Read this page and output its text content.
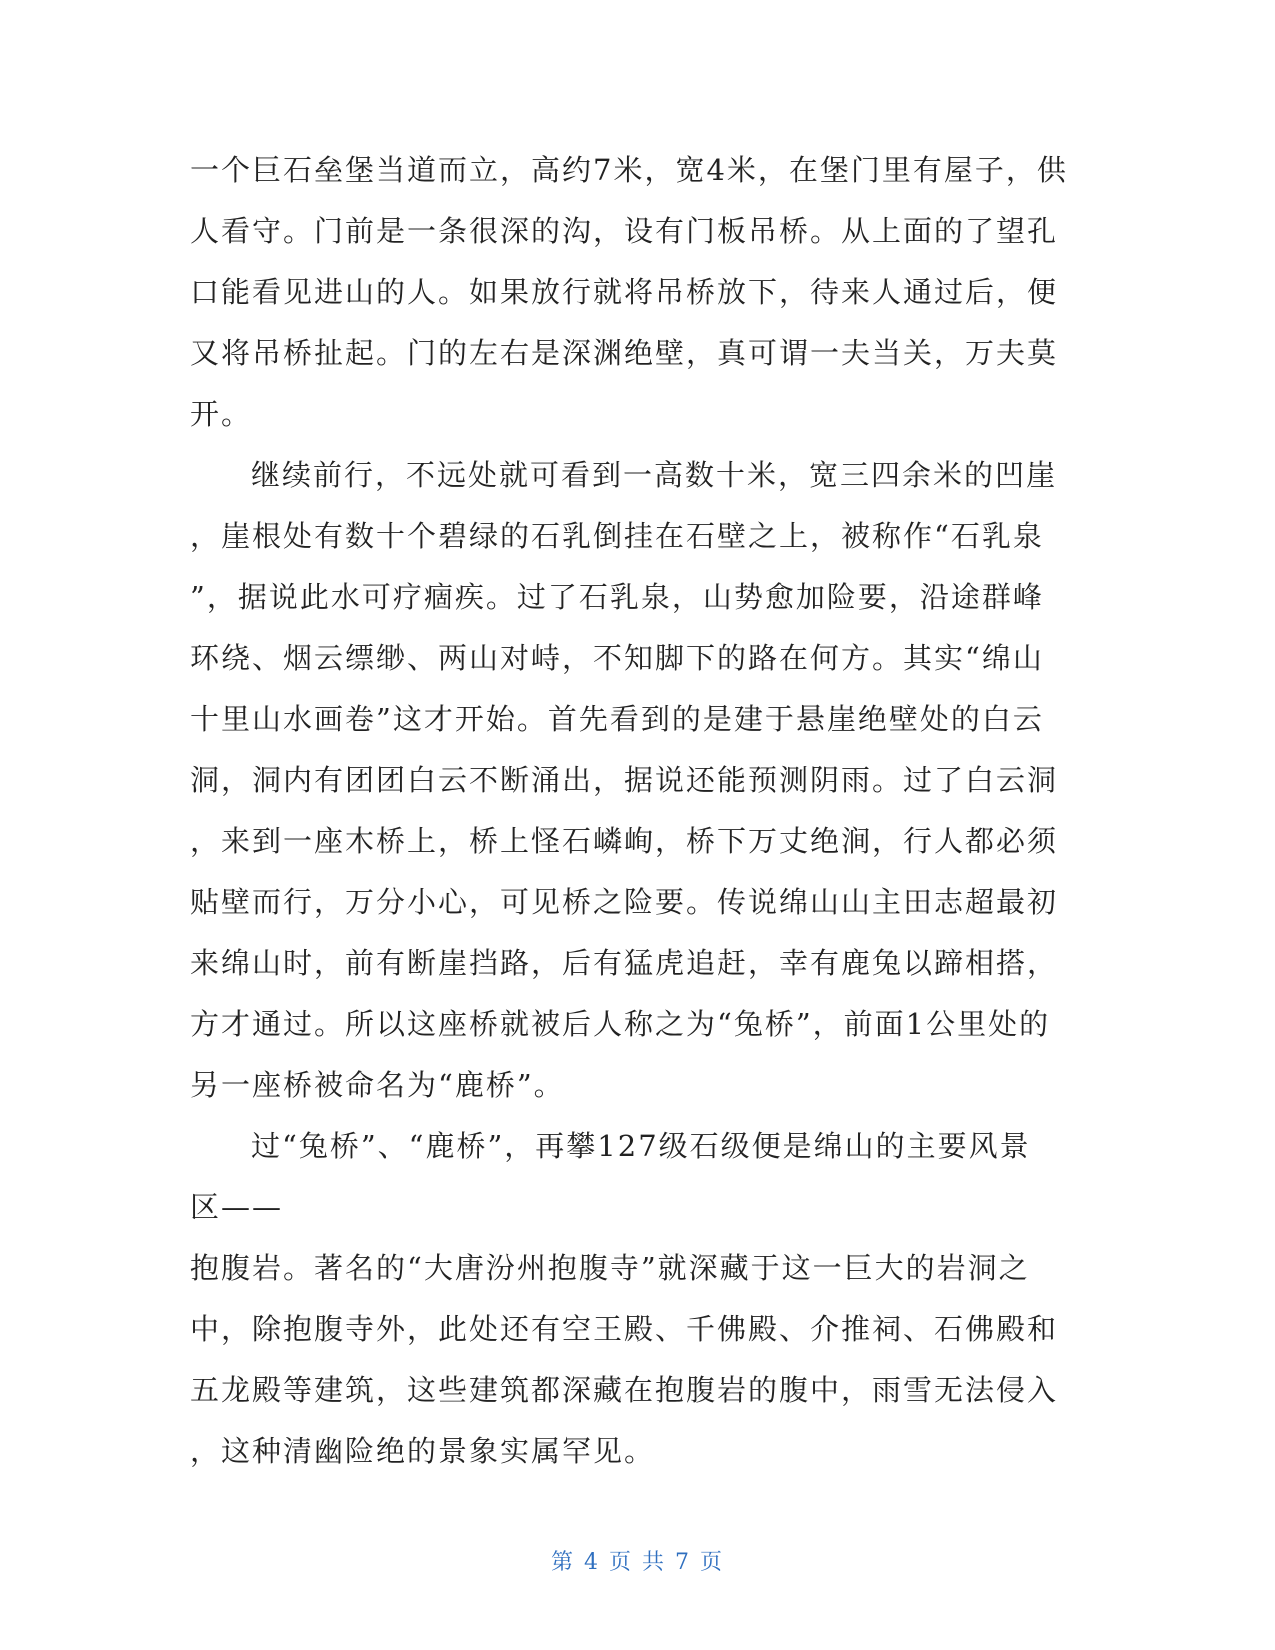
一个巨石垒堡当道而立，高约7米，宽4米，在堡门里有屋子，供
人看守。门前是一条很深的沟，设有门板吊桥。从上面的了望孔
口能看见进山的人。如果放行就将吊桥放下，待来人通过后，便
又将吊桥扯起。门的左右是深渊绝壁，真可谓一夫当关，万夫莫
开。
继续前行，不远处就可看到一高数十米，宽三四余米的凹崖
，崖根处有数十个碧绿的石乳倒挂在石壁之上，被称作“石乳泉
”，据说此水可疗痼疾。过了石乳泉，山势愈加险要，沿途群峰
环绕、烟云缥缈、两山对峙，不知脚下的路在何方。其实“绵山
十里山水画卷”这才开始。首先看到的是建于悬崖绝壁处的白云
洞，洞内有团团白云不断涌出，据说还能预测阴雨。过了白云洞
，来到一座木桥上，桥上怪石嶙峋，桥下万丈绝涧，行人都必须
贴壁而行，万分小心，可见桥之险要。传说绵山山主田志超最初
来绵山时，前有断崖挡路，后有猛虎追赶，幸有鹿兔以蹄相搭，
方才通过。所以这座桥就被后人称之为“兔桥”，前面1公里处的
另一座桥被命名为“鹿桥”。
过“兔桥”、“鹿桥”，再攀127级石级便是绵山的主要风景
区——
抱腹岩。著名的“大唐汾州抱腹寺”就深藏于这一巨大的岩洞之
中，除抱腹寺外，此处还有空王殿、千佛殿、介推祠、石佛殿和
五龙殿等建筑，这些建筑都深藏在抱腹岩的腹中，雨雪无法侵入
，这种清幽险绝的景象实属罕见。
第 4 页 共 7 页
